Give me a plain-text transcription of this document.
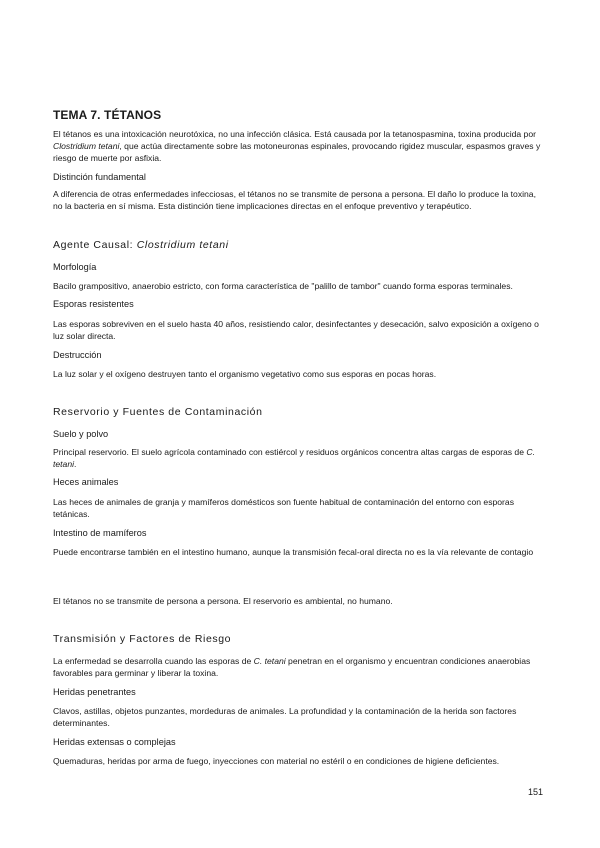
TEMA 7. TÉTANOS

El tétanos es una intoxicación neurotóxica, no una infección clásica. Está causada por la tetanospasmina, toxina producida por Clostridium tetani, que actúa directamente sobre las motoneuronas espinales, provocando rigidez muscular, espasmos graves y riesgo de muerte por asfixia.

Distinción fundamental

A diferencia de otras enfermedades infecciosas, el tétanos no se transmite de persona a persona. El daño lo produce la toxina, no la bacteria en sí misma. Esta distinción tiene implicaciones directas en el enfoque preventivo y terapéutico.

Agente Causal: Clostridium tetani

Morfología

Bacilo grampositivo, anaerobio estricto, con forma característica de "palillo de tambor" cuando forma esporas terminales.

Esporas resistentes

Las esporas sobreviven en el suelo hasta 40 años, resistiendo calor, desinfectantes y desecación, salvo exposición a oxígeno o luz solar directa.

Destrucción

La luz solar y el oxígeno destruyen tanto el organismo vegetativo como sus esporas en pocas horas.

Reservorio y Fuentes de Contaminación

Suelo y polvo

Principal reservorio. El suelo agrícola contaminado con estiércol y residuos orgánicos concentra altas cargas de esporas de C. tetani.

Heces animales

Las heces de animales de granja y mamíferos domésticos son fuente habitual de contaminación del entorno con esporas tetánicas.

Intestino de mamíferos

Puede encontrarse también en el intestino humano, aunque la transmisión fecal-oral directa no es la vía relevante de contagio

El tétanos no se transmite de persona a persona. El reservorio es ambiental, no humano.

Transmisión y Factores de Riesgo

La enfermedad se desarrolla cuando las esporas de C. tetani penetran en el organismo y encuentran condiciones anaerobias favorables para germinar y liberar la toxina.

Heridas penetrantes

Clavos, astillas, objetos punzantes, mordeduras de animales. La profundidad y la contaminación de la herida son factores determinantes.

Heridas extensas o complejas

Quemaduras, heridas por arma de fuego, inyecciones con material no estéril o en condiciones de higiene deficientes.

151
